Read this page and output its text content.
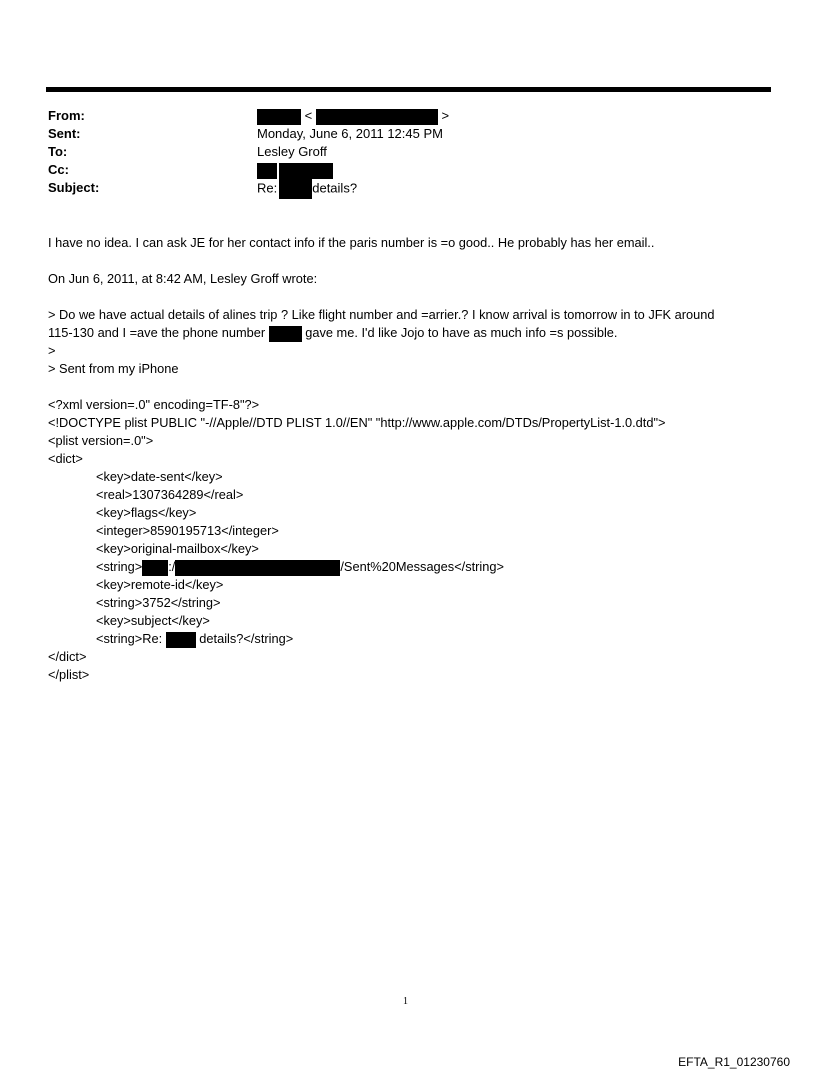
From:	<	>
Sent:	Monday, June 6, 2011 12:45 PM
To:	Lesley Groff
Cc:
Subject:	Re:	details?
I have no idea. I can ask JE for her contact info if the paris number is =o good.. He probably has her email..
On Jun 6, 2011, at 8:42 AM, Lesley Groff wrote:
> Do we have actual details of alines trip ? Like flight number and =arrier.? I know arrival is tomorrow in to JFK around
115-130 and I =ave the phone number	gave me. I'd like Jojo to have as much info =s possible.
>
> Sent from my iPhone
<?xml version=.0" encoding=TF-8"?>
<!DOCTYPE plist PUBLIC "-//Apple//DTD PLIST 1.0//EN" "http://www.apple.com/DTDs/PropertyList-1.0.dtd">
<plist version=.0">
<dict>
<key>date-sent</key>
<real>1307364289</real>
<key>flags</key>
<integer>8590195713</integer>
<key>original-mailbox</key>
<string> :/	/Sent%20Messages</string>
<key>remote-id</key>
<string>3752</string>
<key>subject</key>
<string>Re:	details?</string>
</dict>
</plist>
1
EFTA_R1_01230760
